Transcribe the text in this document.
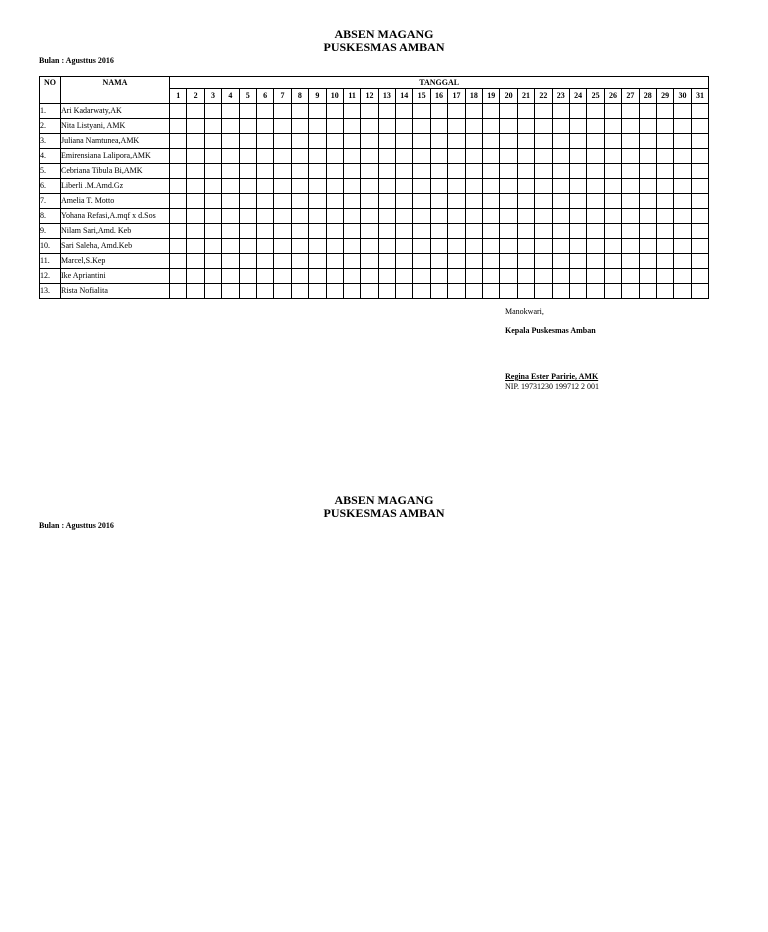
ABSEN MAGANG
PUSKESMAS AMBAN
Bulan : Agusttus 2016
NO	NAMA	TANGGAL																														
		1	2	3	4	5	6	7	8	9	10	11	12	13	14	15	16	17	18	19	20	21	22	23	24	25	26	27	28	29	30	31
1.	Ari Kadarwaty,AK																															
2.	Nita Listyani, AMK																															
3.	Juliana Namtunea,AMK																															
4.	Emirensiana Lalipora,AMK																															
5.	Cebriana Tibula Bi,AMK																															
6.	Liberli .M.Amd.Gz																															
7.	Amelia T. Motto																															
8.	Yohana Refasi,A.mqf x d.Sos																															
9.	Nilam Sari,Amd. Keb																															
10.	Sari Saleha, Amd.Keb																															
11.	Marcel,S.Kep																															
12.	Ike Apriantini																															
13.	Rista Nofialita																															
Manokwari,
Kepala Puskesmas Amban
Regina Ester Paririe, AMK
NIP. 19731230 199712 2 001
ABSEN MAGANG
PUSKESMAS AMBAN
Bulan : Agusttus 2016
